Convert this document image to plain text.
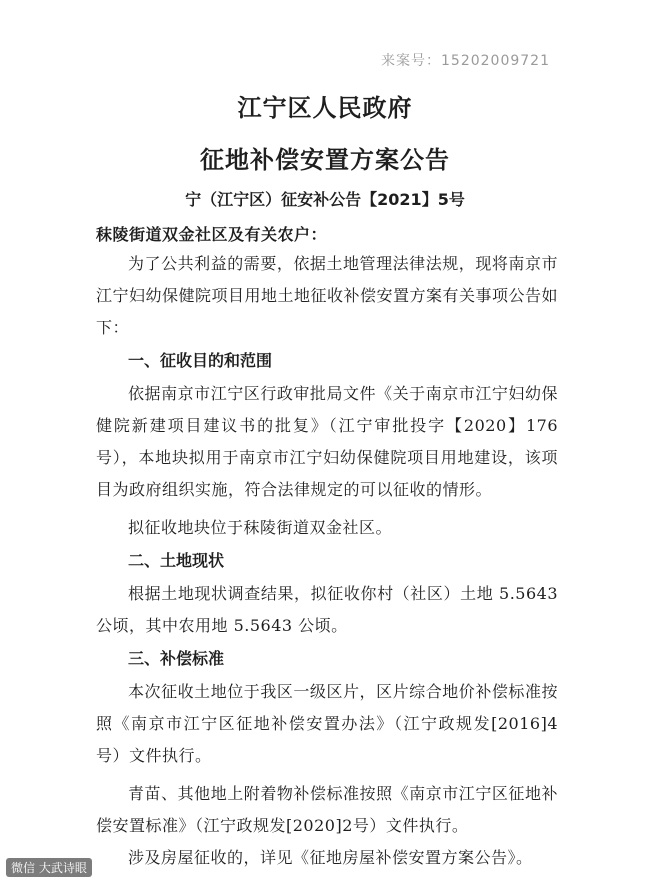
来案号：15202009721
江宁区人民政府
征地补偿安置方案公告
宁（江宁区）征安补公告【2021】5号

秣陵街道双金社区及有关农户：

为了公共利益的需要，依据土地管理法律法规，现将南京市江宁妇幼保健院项目用地土地征收补偿安置方案有关事项公告如下：

一、征收目的和范围

依据南京市江宁区行政审批局文件《关于南京市江宁妇幼保健院新建项目建议书的批复》（江宁审批投字【2020】176号），本地块拟用于南京市江宁妇幼保健院项目用地建设，该项目为政府组织实施，符合法律规定的可以征收的情形。

拟征收地块位于秣陵街道双金社区。

二、土地现状

根据土地现状调查结果，拟征收你村（社区）土地 5.5643 公顷，其中农用地 5.5643 公顷。

三、补偿标准

本次征收土地位于我区一级区片，区片综合地价补偿标准按照《南京市江宁区征地补偿安置办法》（江宁政规发[2016]4号）文件执行。

青苗、其他地上附着物补偿标准按照《南京市江宁区征地补偿安置标准》（江宁政规发[2020]2号）文件执行。

涉及房屋征收的，详见《征地房屋补偿安置方案公告》。

微信 大武诗眼
